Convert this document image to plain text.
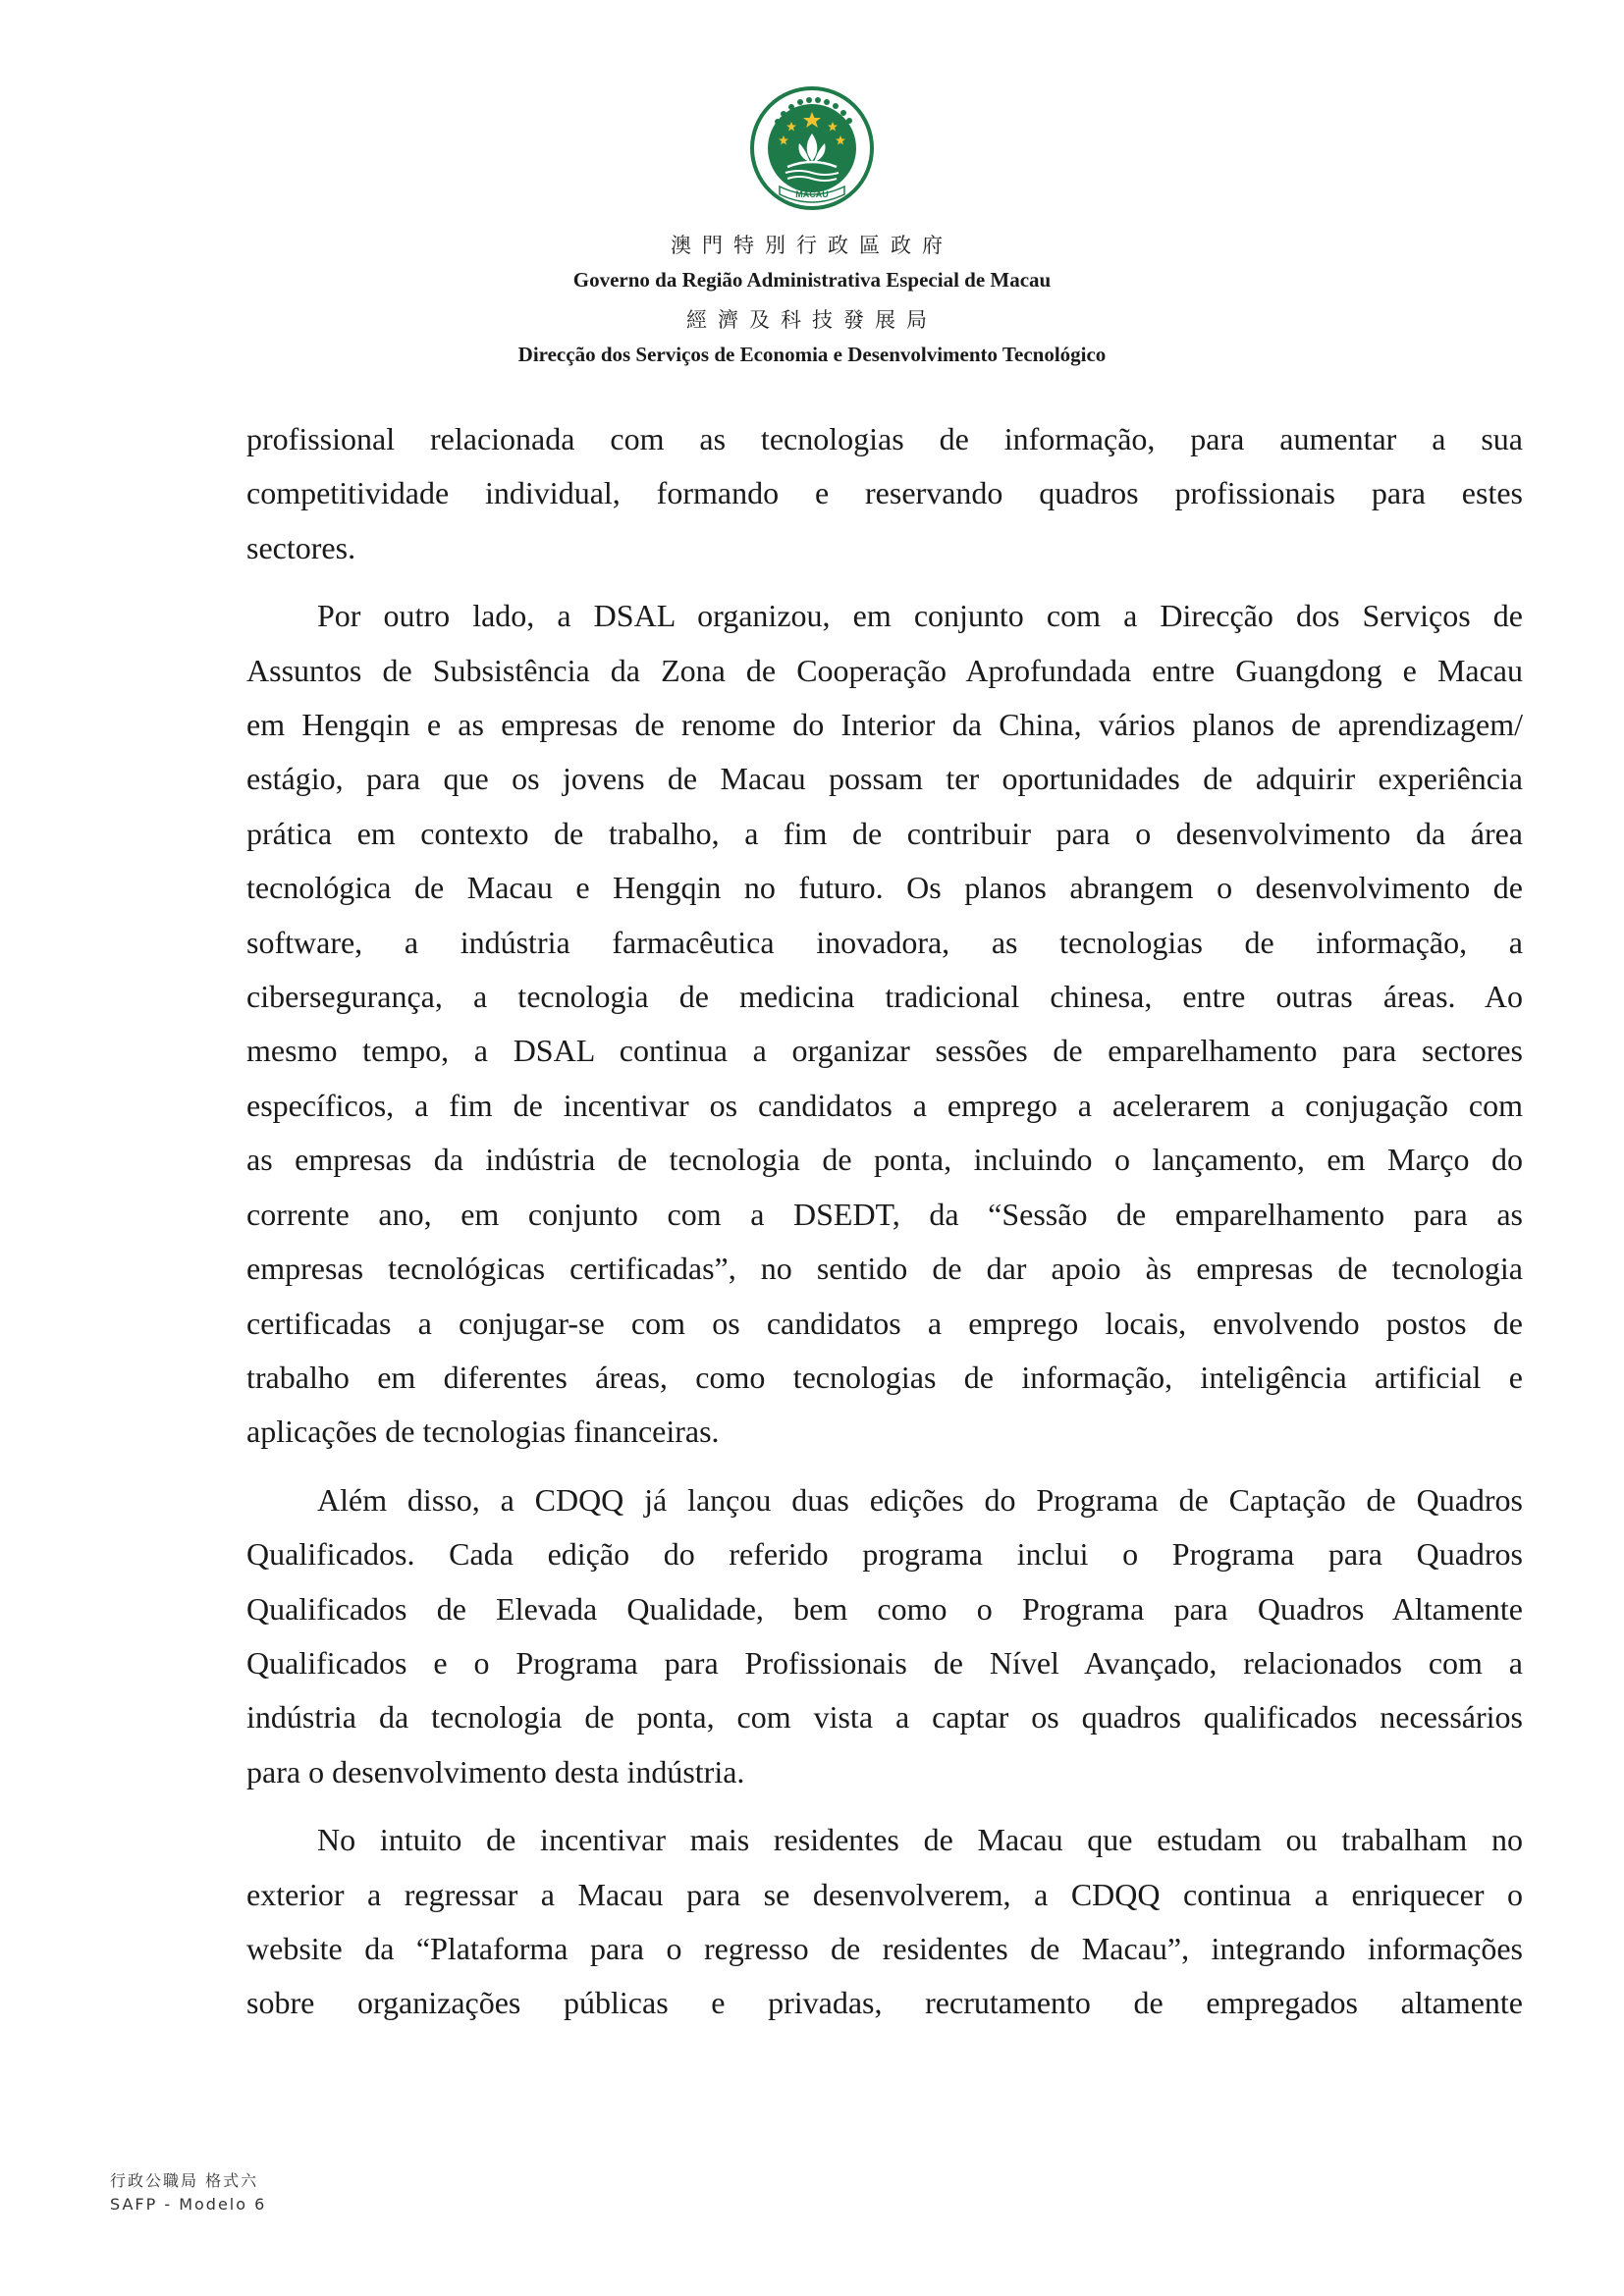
MACAU
澳門特別行政區政府
Governo da Região Administrativa Especial de Macau
經濟及科技發展局
Direcção dos Serviços de Economia e Desenvolvimento Tecnológico
profissional relacionada com as tecnologias de informação, para aumentar a sua
competitividade individual, formando e reservando quadros profissionais para estes
sectores.
Por outro lado, a DSAL organizou, em conjunto com a Direcção dos Serviços de
Assuntos de Subsistência da Zona de Cooperação Aprofundada entre Guangdong e Macau
em Hengqin e as empresas de renome do Interior da China, vários planos de aprendizagem/
estágio, para que os jovens de Macau possam ter oportunidades de adquirir experiência
prática em contexto de trabalho, a fim de contribuir para o desenvolvimento da área
tecnológica de Macau e Hengqin no futuro. Os planos abrangem o desenvolvimento de
software, a indústria farmacêutica inovadora, as tecnologias de informação, a
cibersegurança, a tecnologia de medicina tradicional chinesa, entre outras áreas. Ao
mesmo tempo, a DSAL continua a organizar sessões de emparelhamento para sectores
específicos, a fim de incentivar os candidatos a emprego a acelerarem a conjugação com
as empresas da indústria de tecnologia de ponta, incluindo o lançamento, em Março do
corrente ano, em conjunto com a DSEDT, da “Sessão de emparelhamento para as
empresas tecnológicas certificadas”, no sentido de dar apoio às empresas de tecnologia
certificadas a conjugar-se com os candidatos a emprego locais, envolvendo postos de
trabalho em diferentes áreas, como tecnologias de informação, inteligência artificial e
aplicações de tecnologias financeiras.
Além disso, a CDQQ já lançou duas edições do Programa de Captação de Quadros
Qualificados. Cada edição do referido programa inclui o Programa para Quadros
Qualificados de Elevada Qualidade, bem como o Programa para Quadros Altamente
Qualificados e o Programa para Profissionais de Nível Avançado, relacionados com a
indústria da tecnologia de ponta, com vista a captar os quadros qualificados necessários
para o desenvolvimento desta indústria.
No intuito de incentivar mais residentes de Macau que estudam ou trabalham no
exterior a regressar a Macau para se desenvolverem, a CDQQ continua a enriquecer o
website da “Plataforma para o regresso de residentes de Macau”, integrando informações
sobre organizações públicas e privadas, recrutamento de empregados altamente
行政公職局 格式六
SAFP - Modelo 6
